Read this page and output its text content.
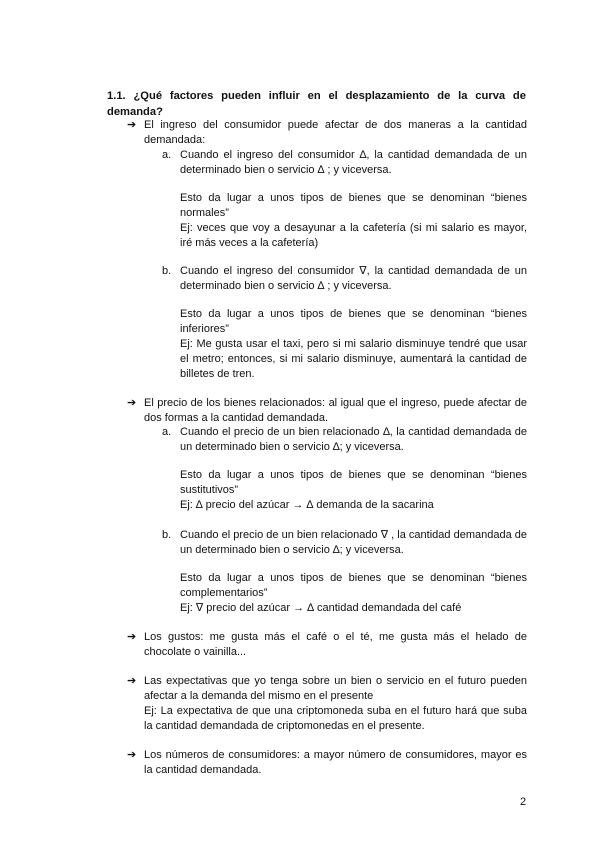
1.1. ¿Qué factores pueden influir en el desplazamiento de la curva de demanda?
➔ El ingreso del consumidor puede afectar de dos maneras a la cantidad demandada:
a. Cuando el ingreso del consumidor ∆, la cantidad demandada de un determinado bien o servicio ∆ ; y viceversa.
Esto da lugar a unos tipos de bienes que se denominan “bienes normales”
Ej: veces que voy a desayunar a la cafetería (si mi salario es mayor, iré más veces a la cafetería)
b. Cuando el ingreso del consumidor ∇, la cantidad demandada de un determinado bien o servicio ∆ ; y viceversa.
Esto da lugar a unos tipos de bienes que se denominan “bienes inferiores”
Ej: Me gusta usar el taxi, pero si mi salario disminuye tendré que usar el metro; entonces, si mi salario disminuye, aumentará la cantidad de billetes de tren.
➔ El precio de los bienes relacionados: al igual que el ingreso, puede afectar de dos formas a la cantidad demandada.
a. Cuando el precio de un bien relacionado ∆, la cantidad demandada de un determinado bien o servicio ∆; y viceversa.
Esto da lugar a unos tipos de bienes que se denominan “bienes sustitutivos”
Ej: ∆ precio del azúcar → ∆ demanda de la sacarina
b. Cuando el precio de un bien relacionado ∇ , la cantidad demandada de un determinado bien o servicio ∆; y viceversa.
Esto da lugar a unos tipos de bienes que se denominan “bienes complementarios”
Ej: ∇ precio del azúcar → ∆ cantidad demandada del café
➔ Los gustos: me gusta más el café o el té, me gusta más el helado de chocolate o vainilla...
➔ Las expectativas que yo tenga sobre un bien o servicio en el futuro pueden afectar a la demanda del mismo en el presente
Ej: La expectativa de que una criptomoneda suba en el futuro hará que suba la cantidad demandada de criptomonedas en el presente.
➔ Los números de consumidores: a mayor número de consumidores, mayor es la cantidad demandada.
2
